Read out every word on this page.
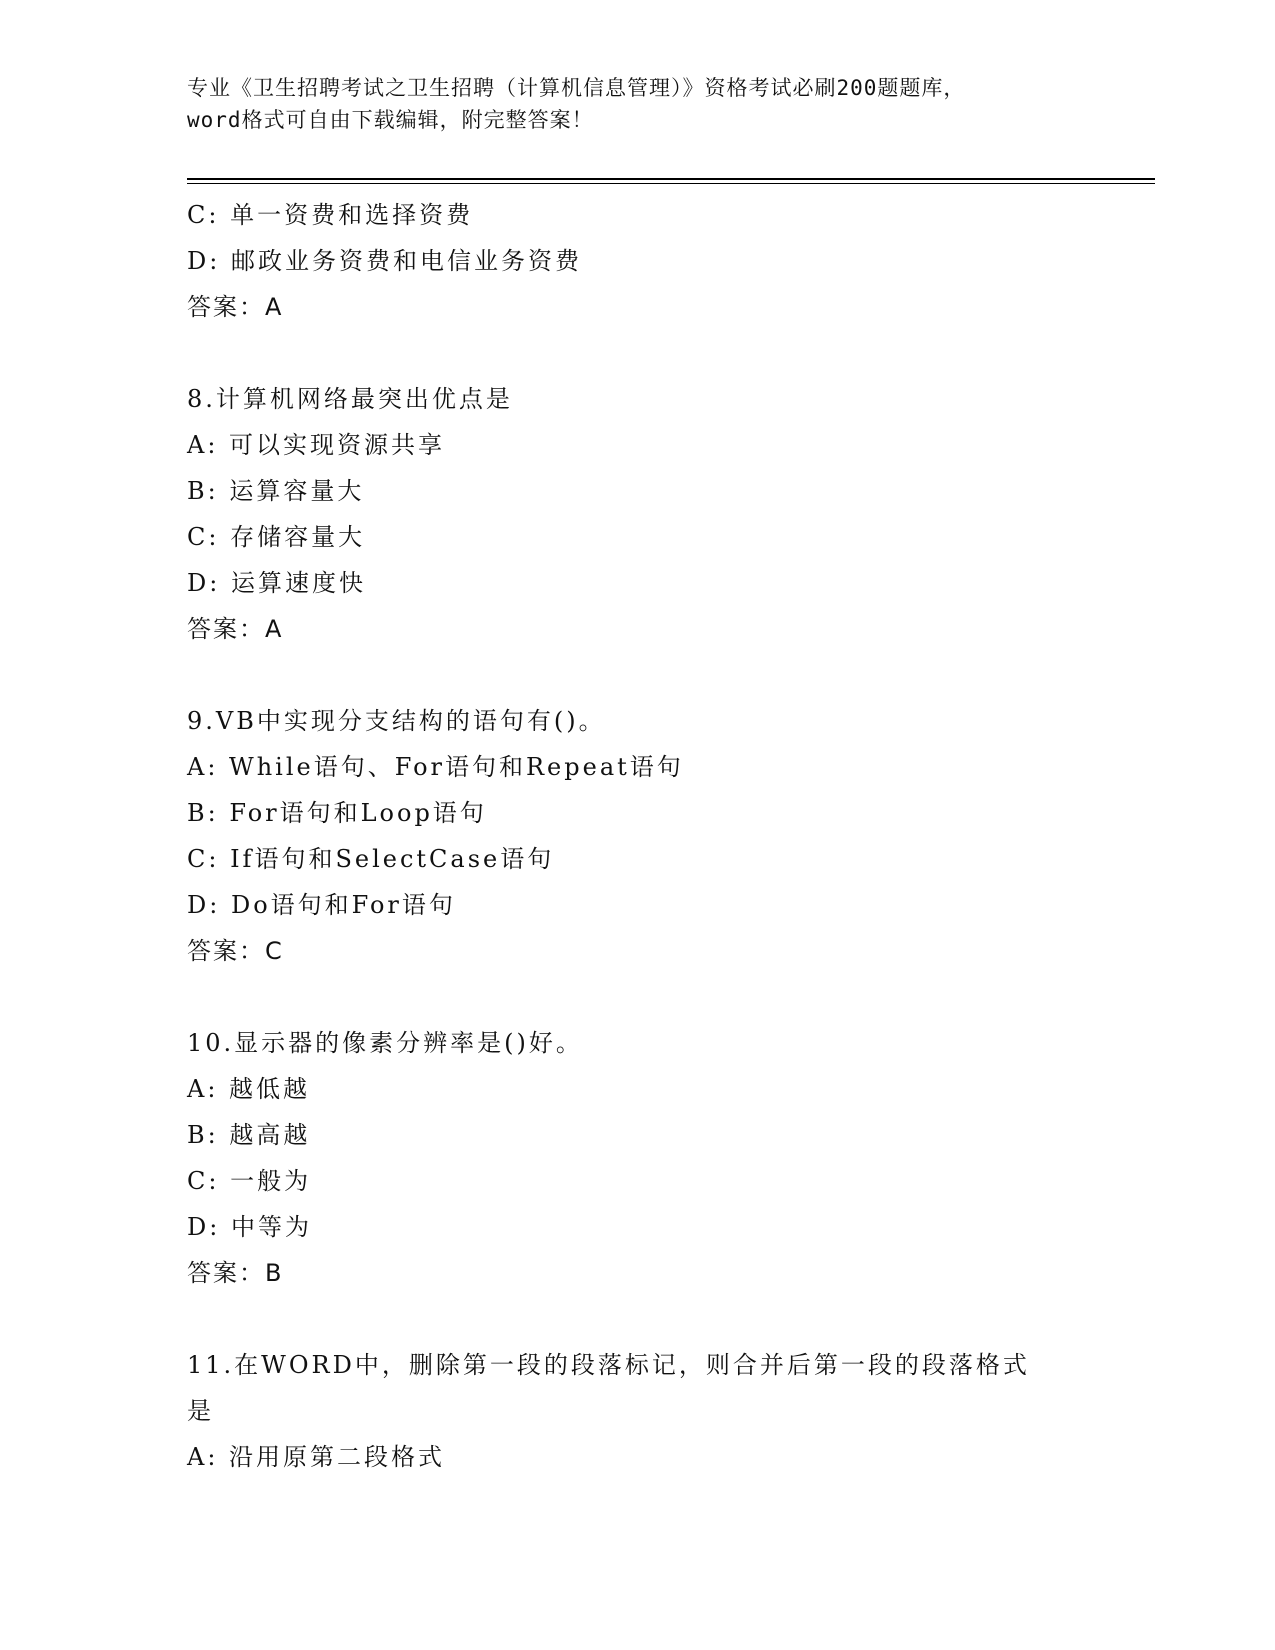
专业《卫生招聘考试之卫生招聘（计算机信息管理）》资格考试必刷200题题库，
word格式可自由下载编辑，附完整答案！
C: 单一资费和选择资费
D: 邮政业务资费和电信业务资费
答案：A
8.计算机网络最突出优点是
A: 可以实现资源共享
B: 运算容量大
C: 存储容量大
D: 运算速度快
答案：A
9.VB中实现分支结构的语句有()。
A: While语句、For语句和Repeat语句
B: For语句和Loop语句
C: If语句和SelectCase语句
D: Do语句和For语句
答案：C
10.显示器的像素分辨率是()好。
A: 越低越
B: 越高越
C: 一般为
D: 中等为
答案：B
11.在WORD中，删除第一段的段落标记，则合并后第一段的段落格式
是
A: 沿用原第二段格式
